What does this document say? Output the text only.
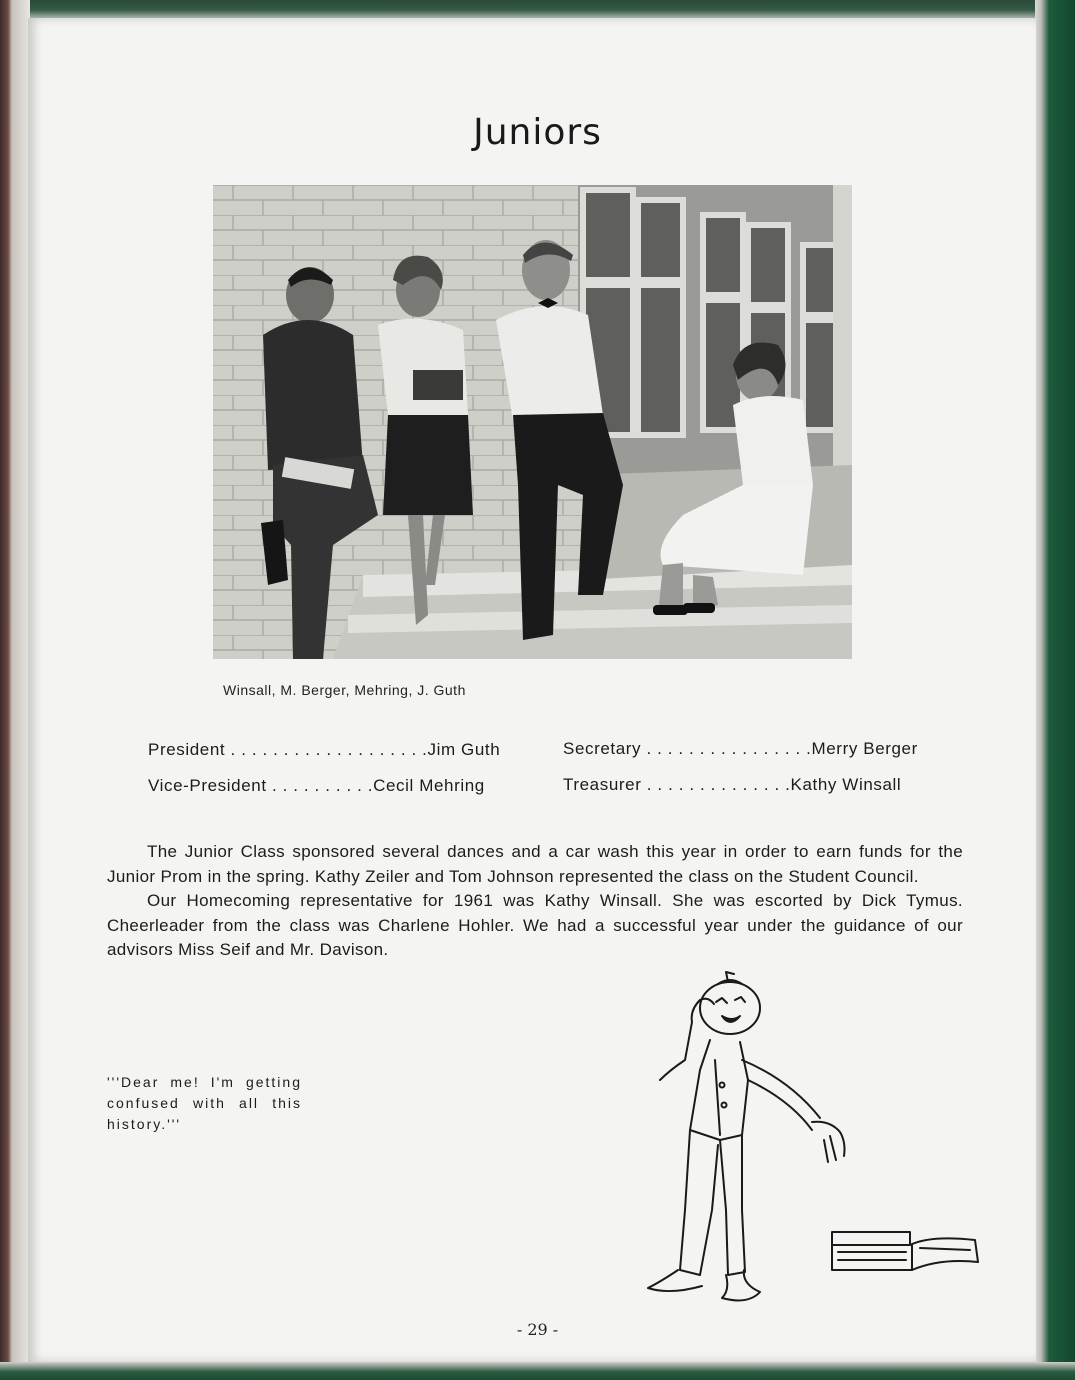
Juniors
Winsall, M. Berger, Mehring, J. Guth
President . . . . . . . . . . . . . . . . . . .Jim Guth
Vice-President . . . . . . . . . .Cecil Mehring
Secretary . . . . . . . . . . . . . . . .Merry Berger
Treasurer . . . . . . . . . . . . . .Kathy Winsall

The Junior Class sponsored several dances and a car wash this year in order to earn funds for the Junior Prom in the spring. Kathy Zeiler and Tom Johnson represented the class on the Student Council.

Our Homecoming representative for 1961 was Kathy Winsall. She was escorted by Dick Tymus. Cheerleader from the class was Charlene Hohler. We had a successful year under the guidance of our advisors Miss Seif and Mr. Davison.

'''Dear me! I'm getting confused with all this history.'''
- 29 -
